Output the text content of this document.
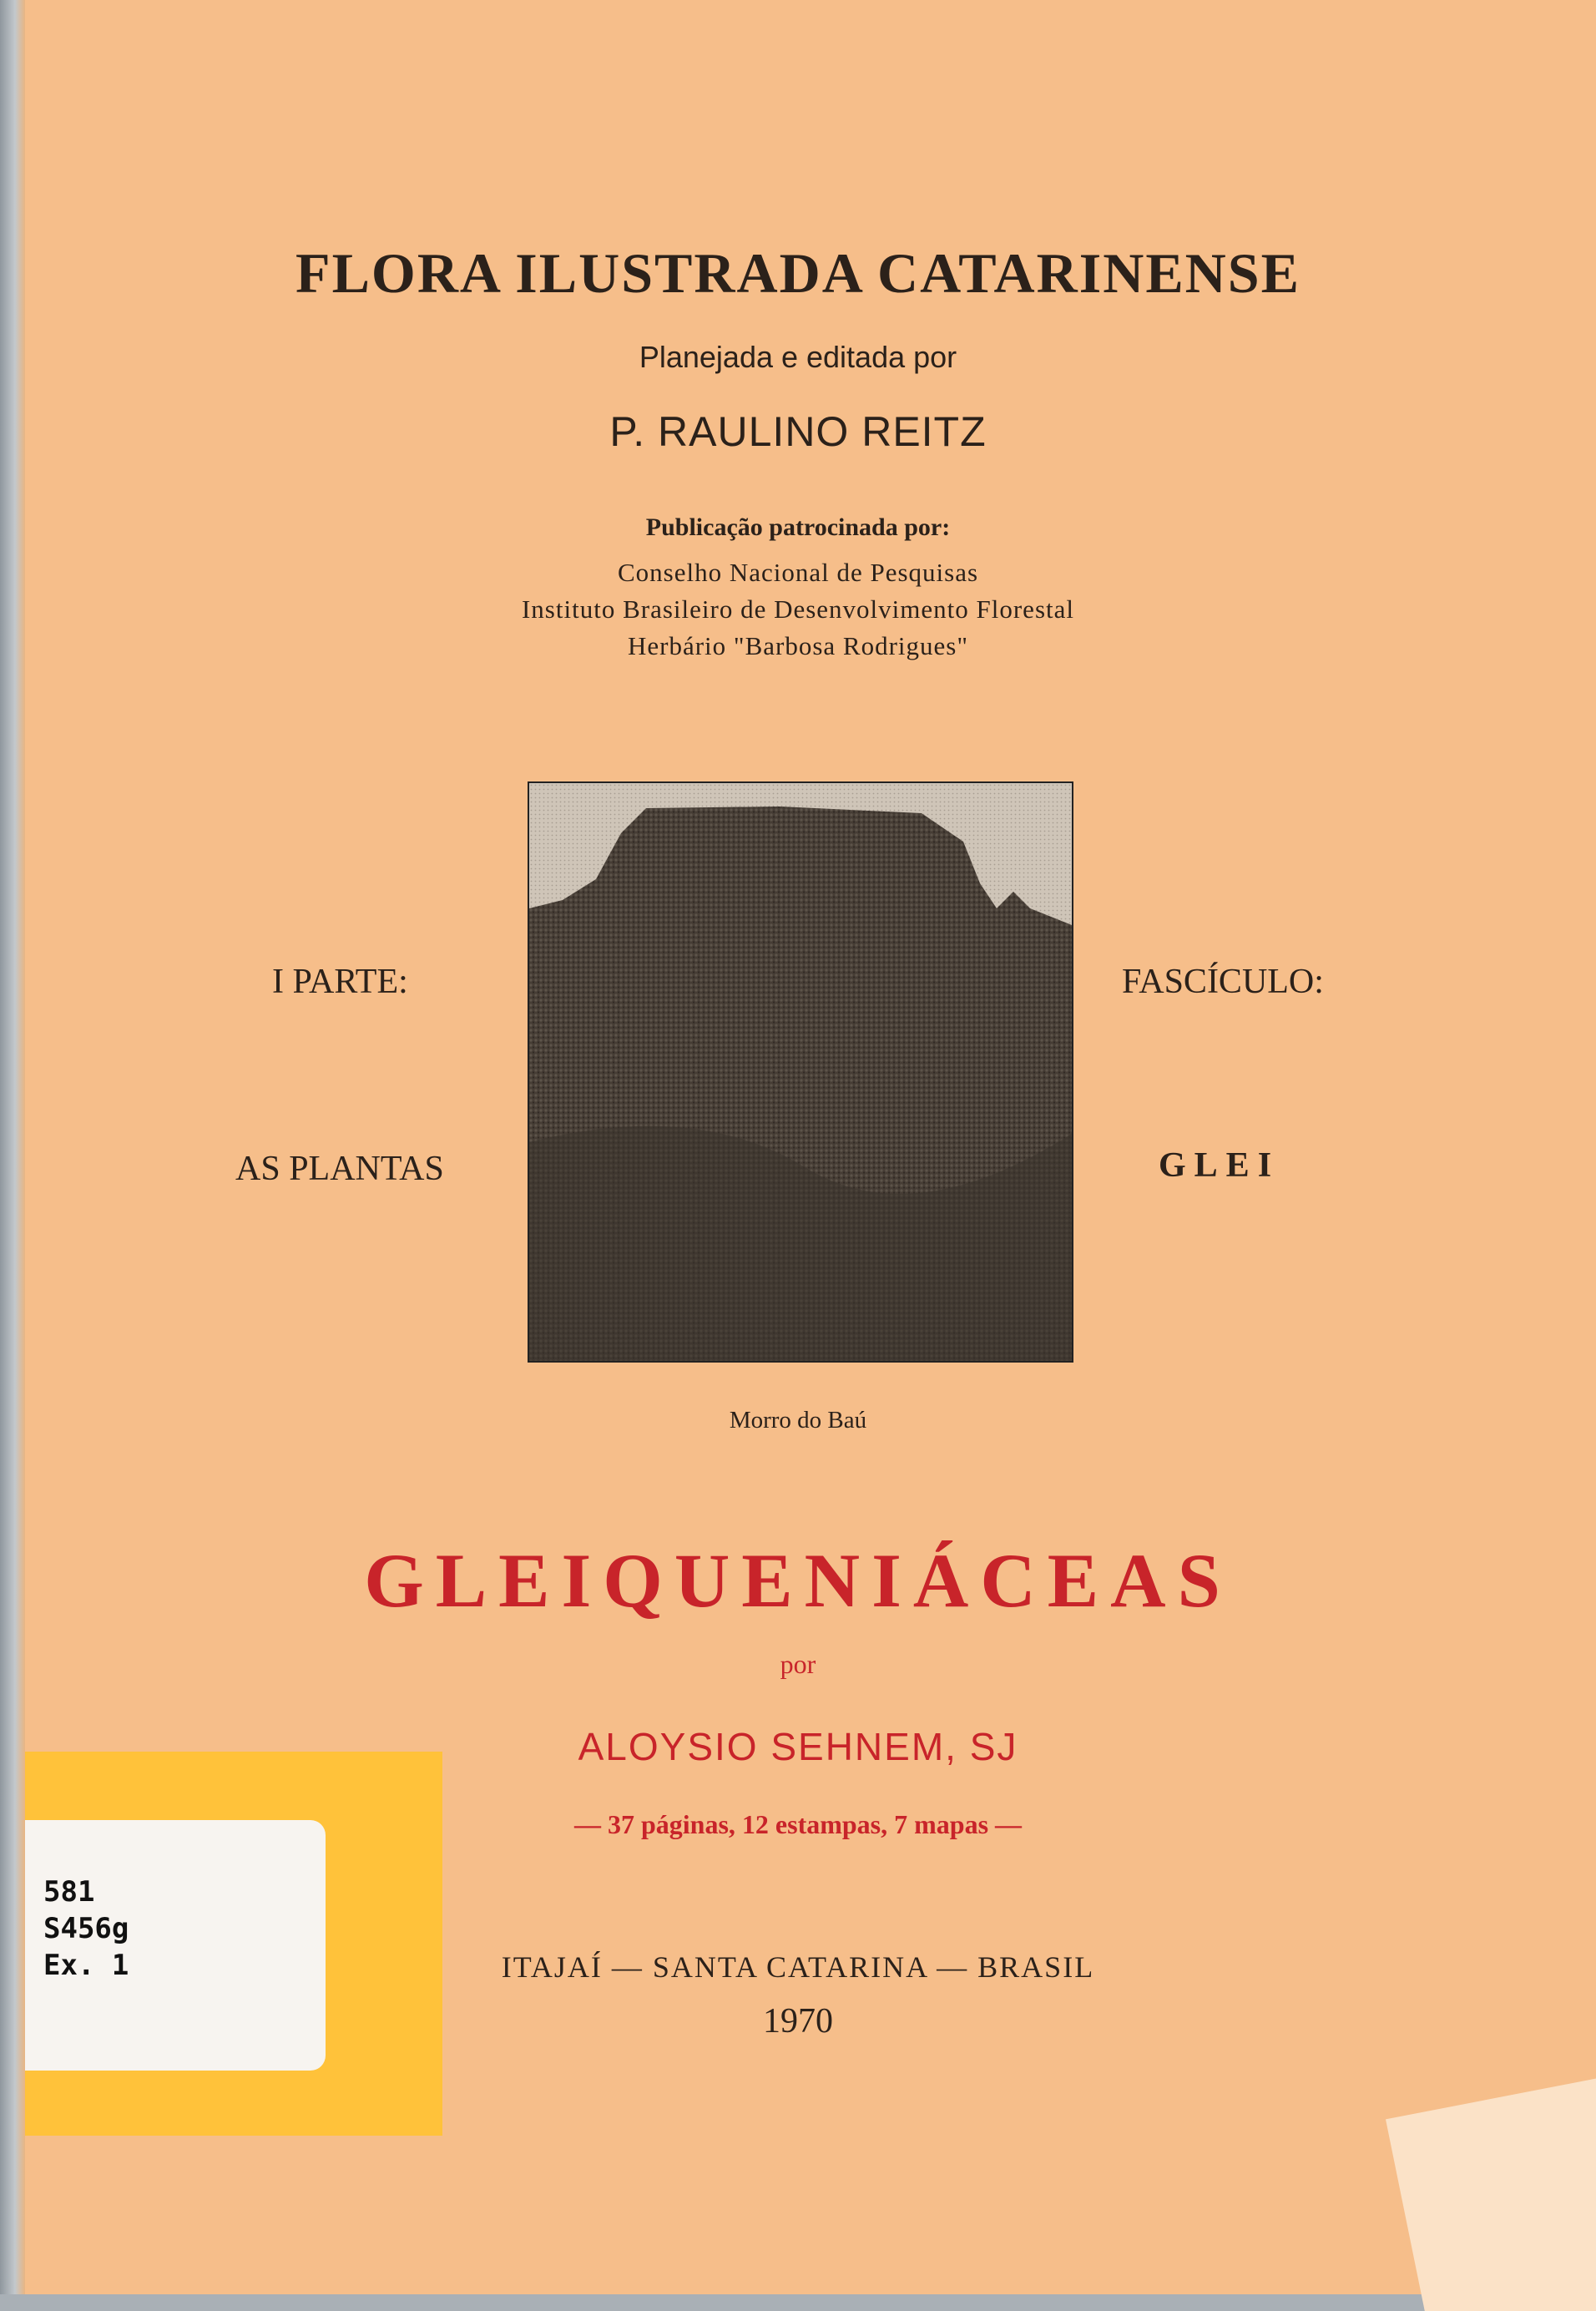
FLORA ILUSTRADA CATARINENSE
Planejada e editada por
P. RAULINO REITZ
Publicação patrocinada por:
Conselho Nacional de Pesquisas
Instituto Brasileiro de Desenvolvimento Florestal
Herbário "Barbosa Rodrigues"
I PARTE:
AS PLANTAS
FASCÍCULO:
GLEI
Morro do Baú
GLEIQUENIÁCEAS
por
ALOYSIO SEHNEM, SJ
— 37 páginas, 12 estampas, 7 mapas —
ITAJAÍ — SANTA CATARINA — BRASIL
1970
581
S456g
Ex. 1
